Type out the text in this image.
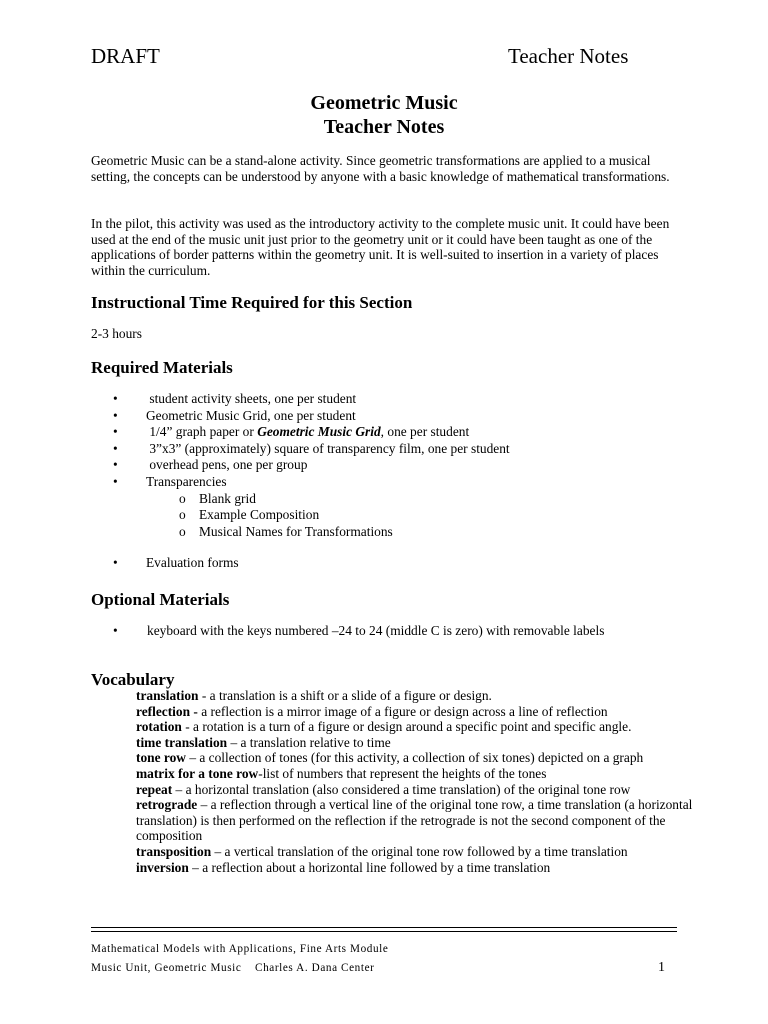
DRAFT	Teacher Notes
Geometric Music
Teacher Notes

Geometric Music can be a stand-alone activity. Since geometric transformations are applied to a musical setting, the concepts can be understood by anyone with a basic knowledge of mathematical transformations.

In the pilot, this activity was used as the introductory activity to the complete music unit. It could have been used at the end of the music unit just prior to the geometry unit or it could have been taught as one of the applications of border patterns within the geometry unit. It is well-suited to insertion in a variety of places within the curriculum.

Instructional Time Required for this Section
2-3 hours
Required Materials
• student activity sheets, one per student
• Geometric Music Grid, one per student
• 1/4” graph paper or Geometric Music Grid, one per student
• 3”x3” (approximately) square of transparency film, one per student
• overhead pens, one per group
• Transparencies
o Blank grid
o Example Composition
o Musical Names for Transformations
• Evaluation forms
Optional Materials
• keyboard with the keys numbered –24 to 24 (middle C is zero) with removable labels
Vocabulary
translation - a translation is a shift or a slide of a figure or design.
reflection - a reflection is a mirror image of a figure or design across a line of reflection
rotation - a rotation is a turn of a figure or design around a specific point and specific angle.
time translation – a translation relative to time
tone row – a collection of tones (for this activity, a collection of six tones) depicted on a graph
matrix for a tone row-list of numbers that represent the heights of the tones
repeat – a horizontal translation (also considered a time translation) of the original tone row
retrograde – a reflection through a vertical line of the original tone row, a time translation (a horizontal translation) is then performed on the reflection if the retrograde is not the second component of the composition
transposition – a vertical translation of the original tone row followed by a time translation
inversion – a reflection about a horizontal line followed by a time translation
Mathematical Models with Applications, Fine Arts Module
Music Unit, Geometric Music    Charles A. Dana Center	1
